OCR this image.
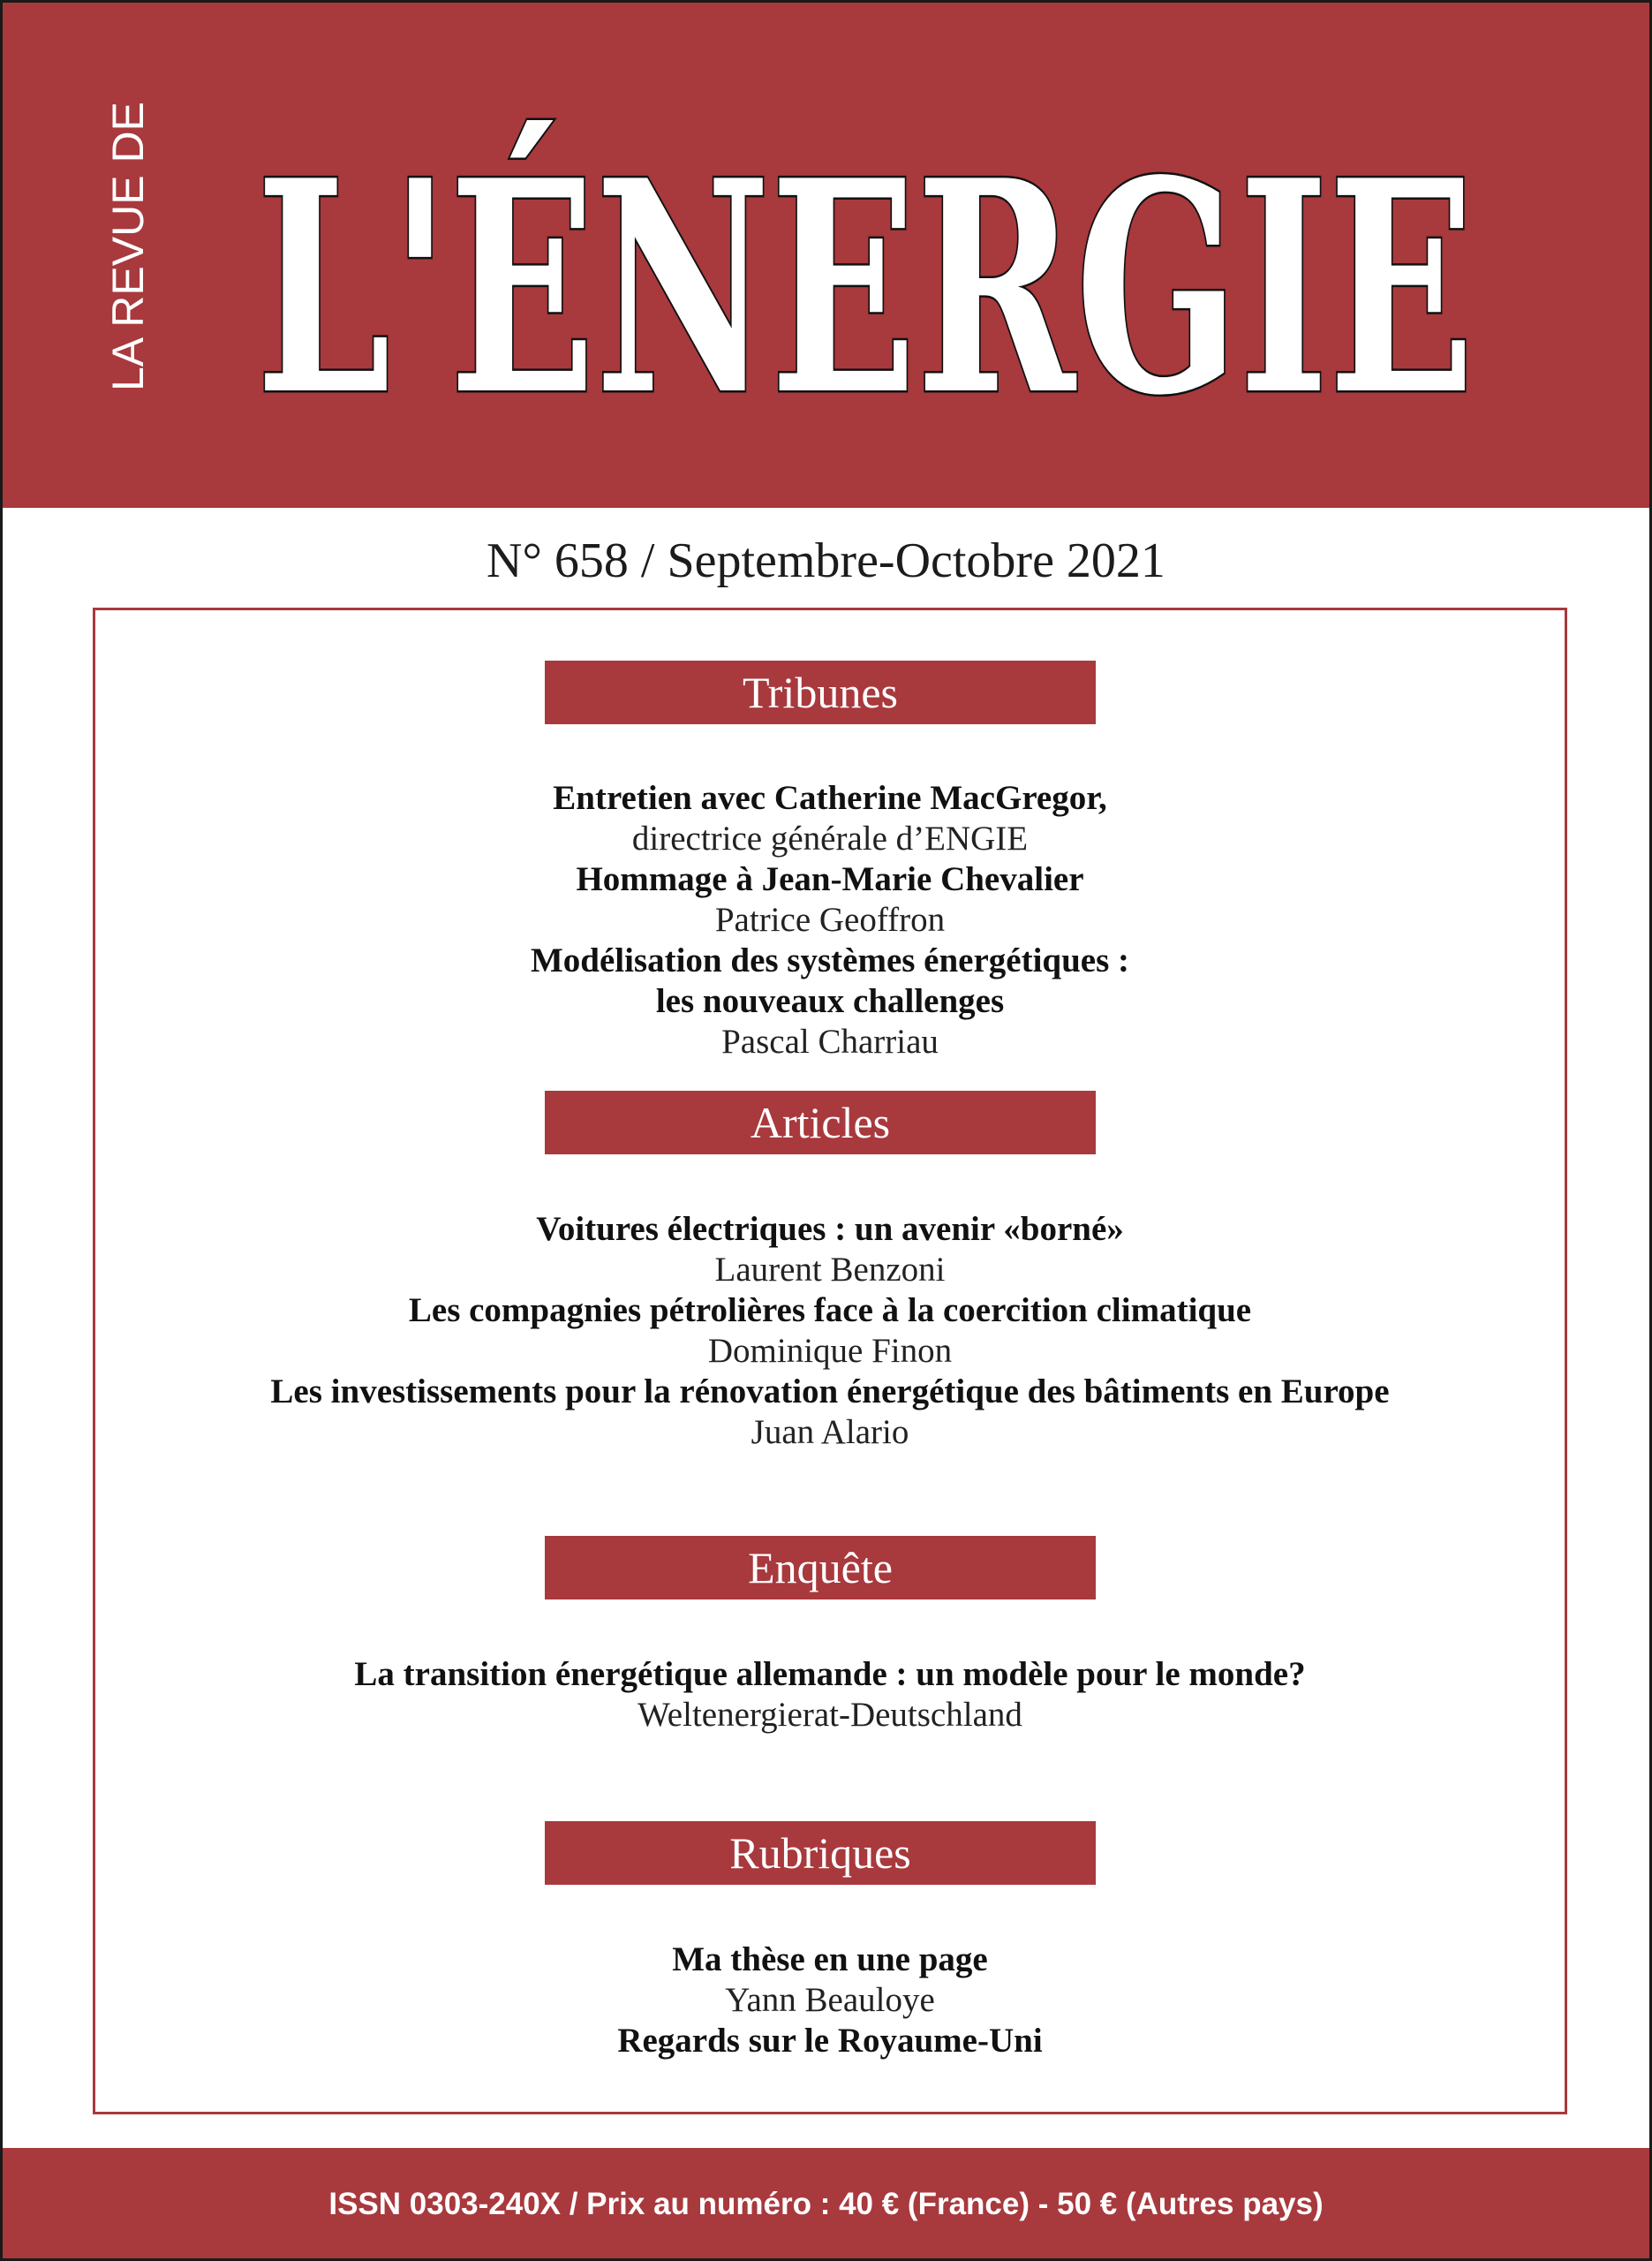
LA REVUE DE L'ÉNERGIE
N° 658 / Septembre-Octobre 2021
Tribunes
Entretien avec Catherine MacGregor,
directrice générale d’ENGIE
Hommage à Jean-Marie Chevalier
Patrice Geoffron
Modélisation des systèmes énergétiques :
les nouveaux challenges
Pascal Charriau
Articles
Voitures électriques : un avenir «borné»
Laurent Benzoni
Les compagnies pétrolières face à la coercition climatique
Dominique Finon
Les investissements pour la rénovation énergétique des bâtiments en Europe
Juan Alario
Enquête
La transition énergétique allemande : un modèle pour le monde?
Weltenergierat-Deutschland
Rubriques
Ma thèse en une page
Yann Beauloye
Regards sur le Royaume-Uni
ISSN 0303-240X / Prix au numéro : 40 € (France) - 50 € (Autres pays)
